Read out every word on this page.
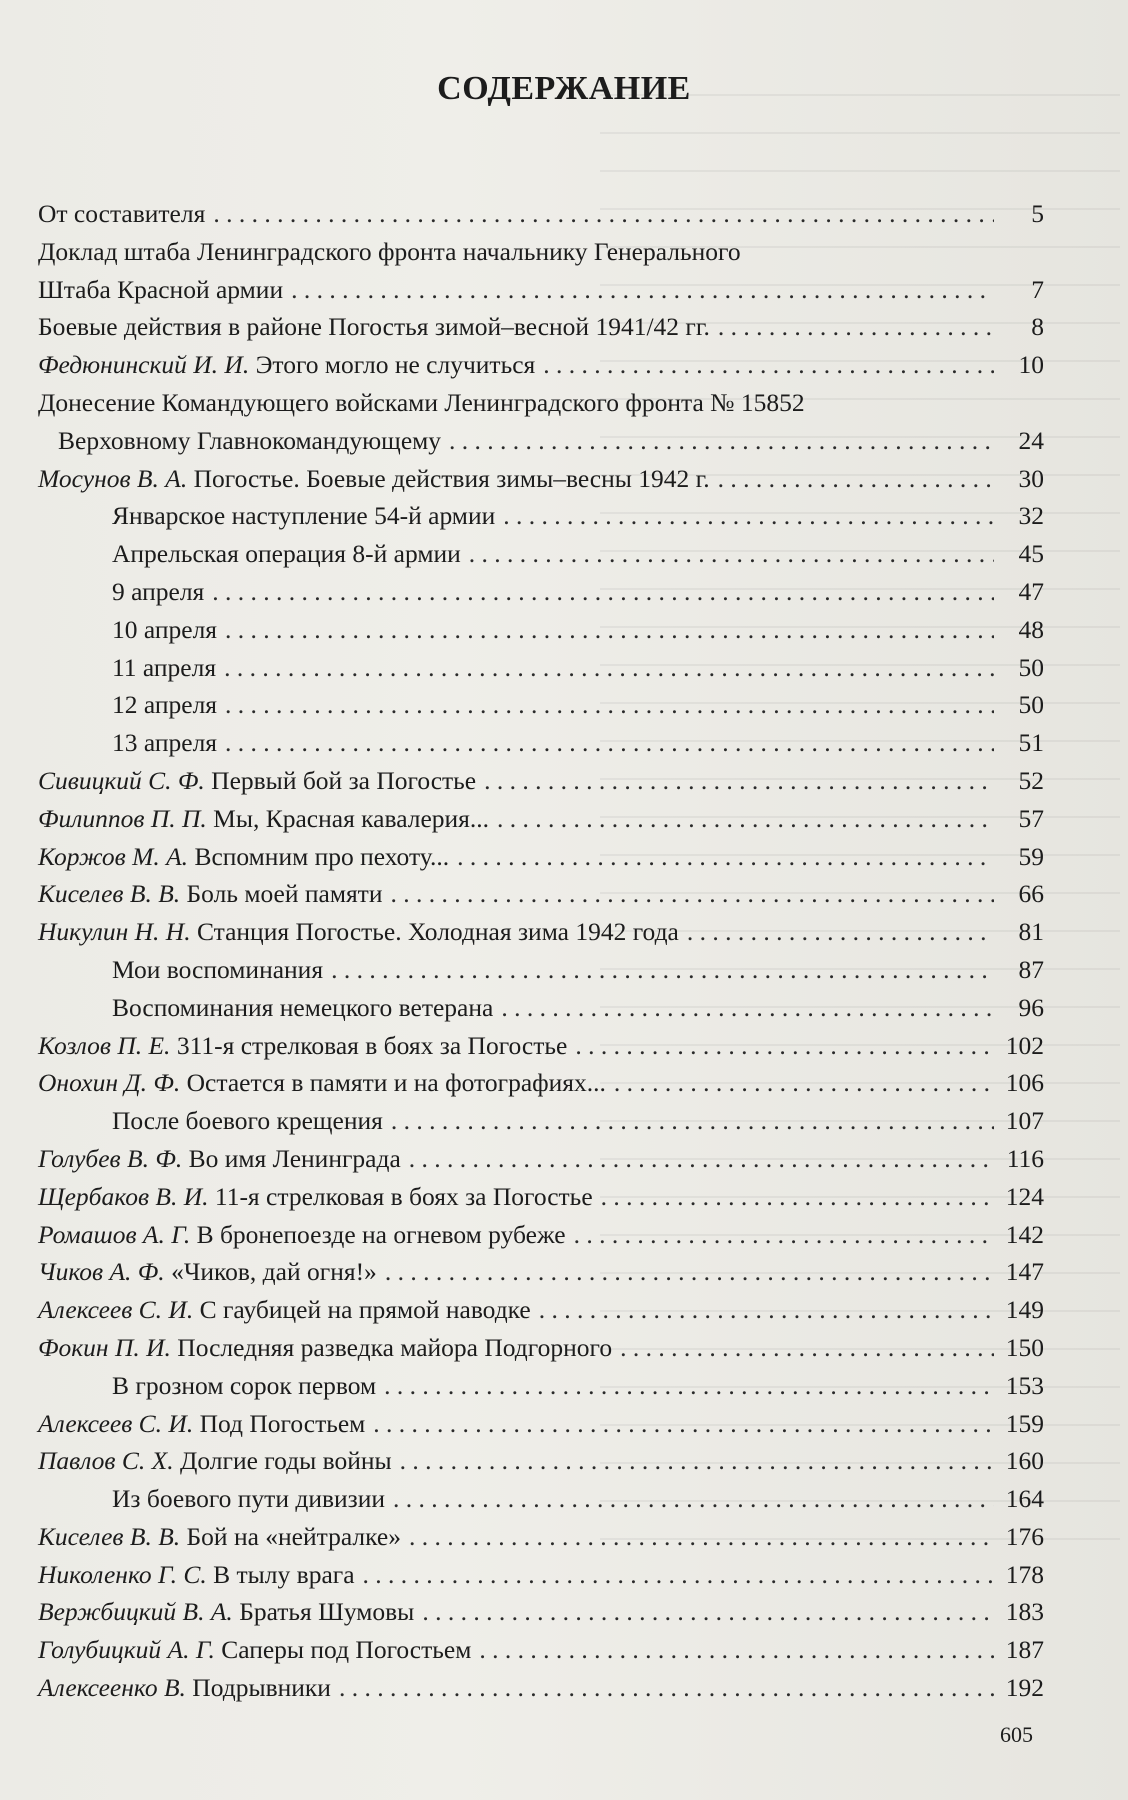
СОДЕРЖАНИЕ
От составителя . . .	5
Доклад штаба Ленинградского фронта начальнику Генерального
Штаба Красной армии . . .	7
Боевые действия в районе Погостья зимой–весной 1941/42 гг. . . .	8
Федюнинский И. И. Этого могло не случиться . . .	10
Донесение Командующего войсками Ленинградского фронта № 15852
Верховному Главнокомандующему . . .	24
Мосунов В. А. Погостье. Боевые действия зимы–весны 1942 г. . . .	30
Январское наступление 54-й армии . . .	32
Апрельская операция 8-й армии . . .	45
9 апреля . . .	47
10 апреля . . .	48
11 апреля . . .	50
12 апреля . . .	50
13 апреля . . .	51
Сивицкий С. Ф. Первый бой за Погостье . . .	52
Филиппов П. П. Мы, Красная кавалерия... . . .	57
Коржов М. А. Вспомним про пехоту... . . .	59
Киселев В. В. Боль моей памяти . . .	66
Никулин Н. Н. Станция Погостье. Холодная зима 1942 года . . .	81
Мои воспоминания . . .	87
Воспоминания немецкого ветерана . . .	96
Козлов П. Е. 311-я стрелковая в боях за Погостье . . .	102
Онохин Д. Ф. Остается в памяти и на фотографиях... . . .	106
После боевого крещения . . .	107
Голубев В. Ф. Во имя Ленинграда . . .	116
Щербаков В. И. 11-я стрелковая в боях за Погостье . . .	124
Ромашов А. Г. В бронепоезде на огневом рубеже . . .	142
Чиков А. Ф. «Чиков, дай огня!» . . .	147
Алексеев С. И. С гаубицей на прямой наводке . . .	149
Фокин П. И. Последняя разведка майора Подгорного . . .	150
В грозном сорок первом . . .	153
Алексеев С. И. Под Погостьем . . .	159
Павлов С. Х. Долгие годы войны . . .	160
Из боевого пути дивизии . . .	164
Киселев В. В. Бой на «нейтралке» . . .	176
Николенко Г. С. В тылу врага . . .	178
Вержбицкий В. А. Братья Шумовы . . .	183
Голубицкий А. Г. Саперы под Погостьем . . .	187
Алексеенко В. Подрывники . . .	192
605
